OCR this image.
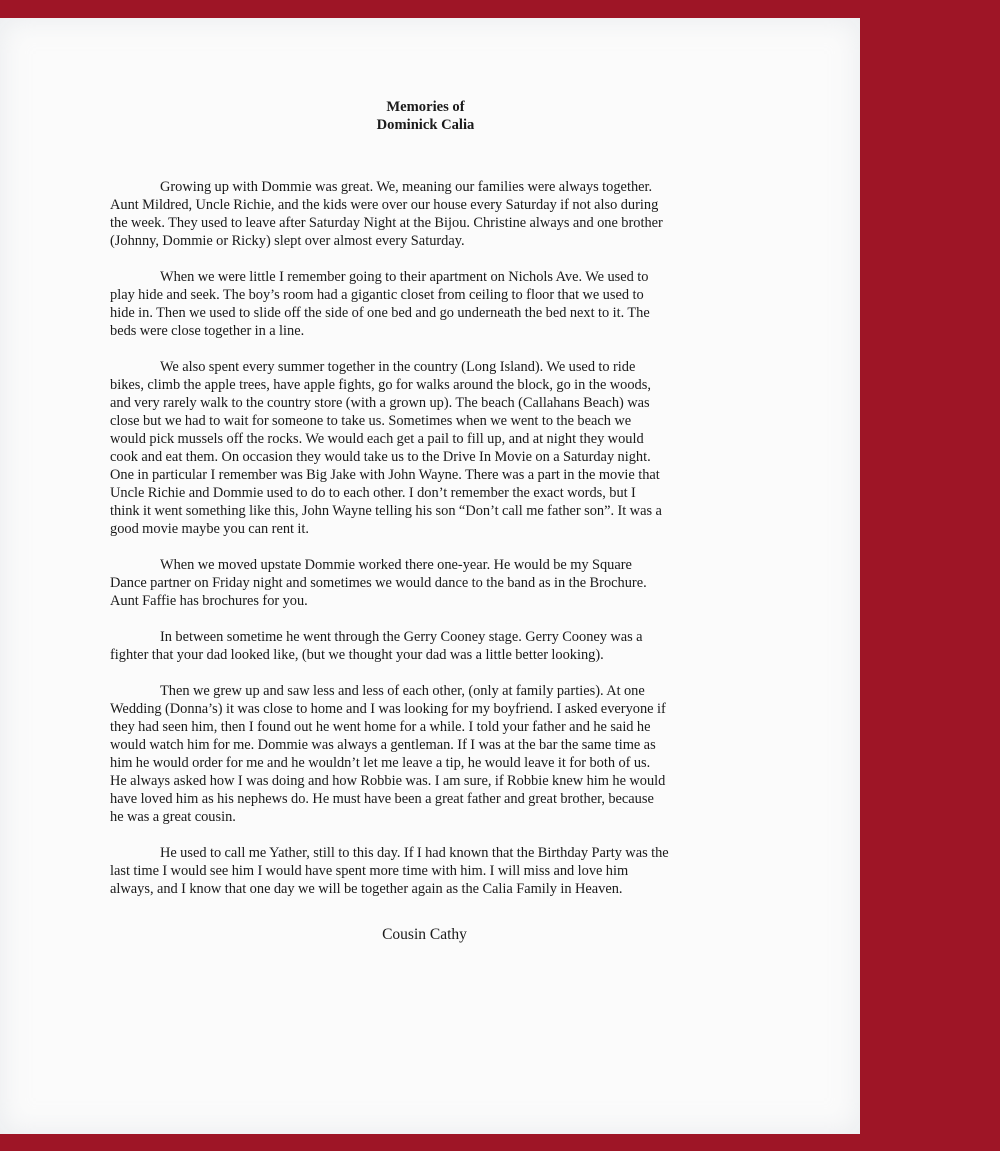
Memories of
Dominick Calia
Growing up with Dommie was great. We, meaning our families were always together.
Aunt Mildred, Uncle Richie, and the kids were over our house every Saturday if not also during
the week. They used to leave after Saturday Night at the Bijou. Christine always and one brother
(Johnny, Dommie or Ricky) slept over almost every Saturday.
When we were little I remember going to their apartment on Nichols Ave. We used to
play hide and seek. The boy’s room had a gigantic closet from ceiling to floor that we used to
hide in. Then we used to slide off the side of one bed and go underneath the bed next to it. The
beds were close together in a line.
We also spent every summer together in the country (Long Island). We used to ride
bikes, climb the apple trees, have apple fights, go for walks around the block, go in the woods,
and very rarely walk to the country store (with a grown up). The beach (Callahans Beach) was
close but we had to wait for someone to take us. Sometimes when we went to the beach we
would pick mussels off the rocks. We would each get a pail to fill up, and at night they would
cook and eat them. On occasion they would take us to the Drive In Movie on a Saturday night.
One in particular I remember was Big Jake with John Wayne. There was a part in the movie that
Uncle Richie and Dommie used to do to each other. I don’t remember the exact words, but I
think it went something like this, John Wayne telling his son “Don’t call me father son”. It was a
good movie maybe you can rent it.
When we moved upstate Dommie worked there one-year. He would be my Square
Dance partner on Friday night and sometimes we would dance to the band as in the Brochure.
Aunt Faffie has brochures for you.
In between sometime he went through the Gerry Cooney stage. Gerry Cooney was a
fighter that your dad looked like, (but we thought your dad was a little better looking).
Then we grew up and saw less and less of each other, (only at family parties). At one
Wedding (Donna’s) it was close to home and I was looking for my boyfriend. I asked everyone if
they had seen him, then I found out he went home for a while. I told your father and he said he
would watch him for me. Dommie was always a gentleman. If I was at the bar the same time as
him he would order for me and he wouldn’t let me leave a tip, he would leave it for both of us.
He always asked how I was doing and how Robbie was. I am sure, if Robbie knew him he would
have loved him as his nephews do. He must have been a great father and great brother, because
he was a great cousin.
He used to call me Yather, still to this day. If I had known that the Birthday Party was the
last time I would see him I would have spent more time with him. I will miss and love him
always, and I know that one day we will be together again as the Calia Family in Heaven.
Cousin Cathy
